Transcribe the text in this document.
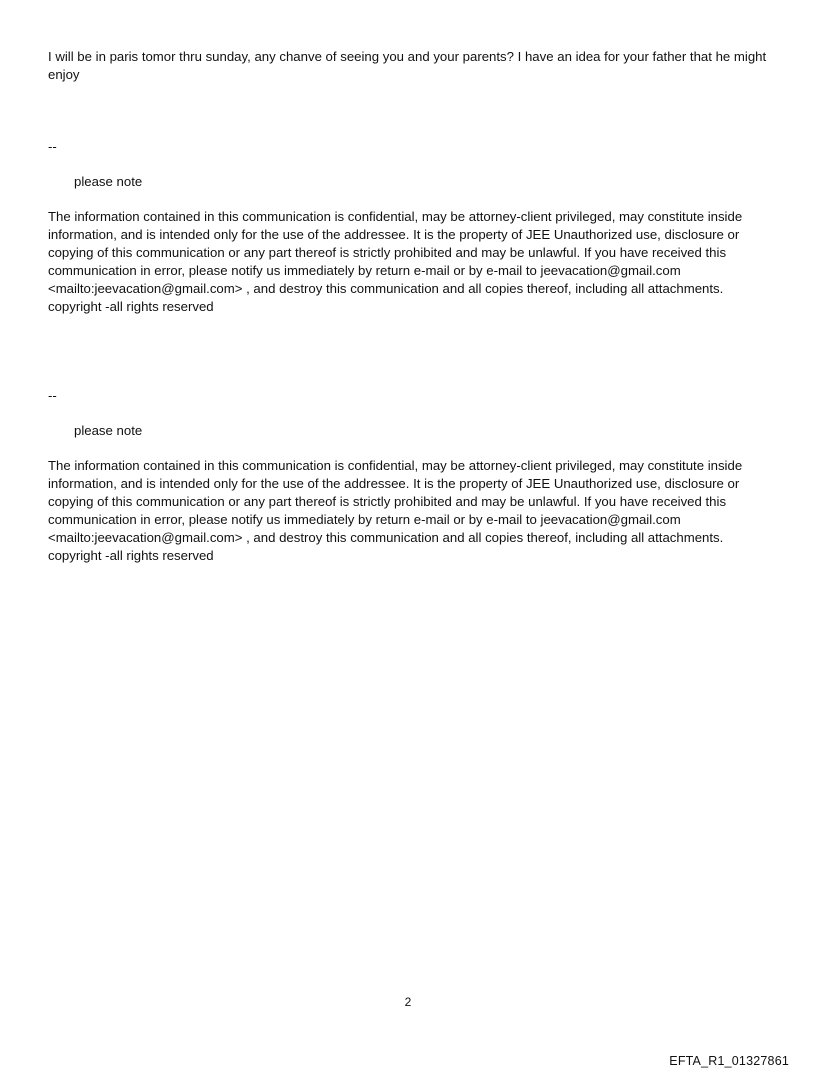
I will be in paris tomor thru sunday, any chanve of seeing you and your parents? I have an idea for your father that he might enjoy

--

please note

The information contained in this communication is confidential, may be attorney-client privileged, may constitute inside information, and is intended only for the use of the addressee. It is the property of JEE Unauthorized use, disclosure or copying of this communication or any part thereof is strictly prohibited and may be unlawful. If you have received this communication in error, please notify us immediately by return e-mail or by e-mail to jeevacation@gmail.com <mailto:jeevacation@gmail.com> , and destroy this communication and all copies thereof, including all attachments. copyright -all rights reserved

--

please note

The information contained in this communication is confidential, may be attorney-client privileged, may constitute inside information, and is intended only for the use of the addressee. It is the property of JEE Unauthorized use, disclosure or copying of this communication or any part thereof is strictly prohibited and may be unlawful. If you have received this communication in error, please notify us immediately by return e-mail or by e-mail to jeevacation@gmail.com <mailto:jeevacation@gmail.com> , and destroy this communication and all copies thereof, including all attachments. copyright -all rights reserved

2
EFTA_R1_01327861
